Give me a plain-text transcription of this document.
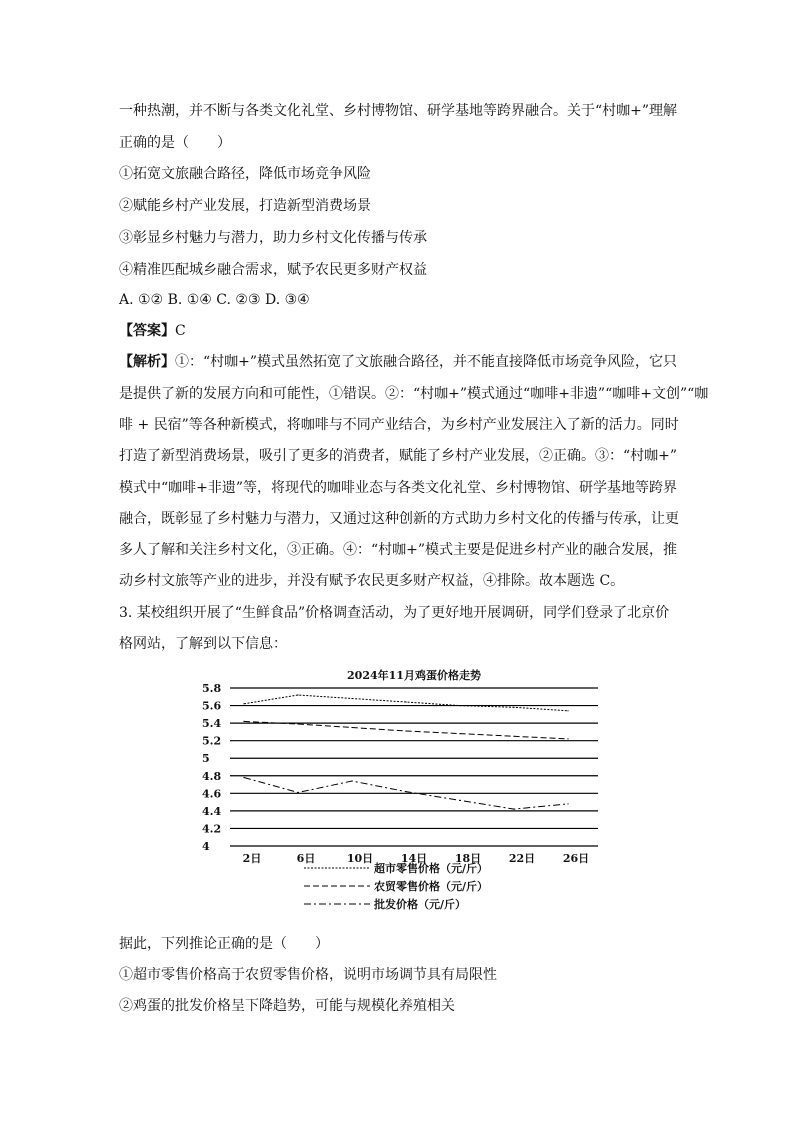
一种热潮，并不断与各类文化礼堂、乡村博物馆、研学基地等跨界融合。关于“村咖+”理解
正确的是（　　）
①拓宽文旅融合路径，降低市场竞争风险
②赋能乡村产业发展，打造新型消费场景
③彰显乡村魅力与潜力，助力乡村文化传播与传承
④精准匹配城乡融合需求，赋予农民更多财产权益
A. ①② B. ①④ C. ②③ D. ③④
【答案】C
【解析】①：“村咖+”模式虽然拓宽了文旅融合路径，并不能直接降低市场竞争风险，它只
是提供了新的发展方向和可能性，①错误。②：“村咖+”模式通过“咖啡+非遗”“咖啡+文创”“咖
啡 + 民宿”等各种新模式，将咖啡与不同产业结合，为乡村产业发展注入了新的活力。同时
打造了新型消费场景，吸引了更多的消费者，赋能了乡村产业发展，②正确。③：“村咖+”
模式中“咖啡+非遗”等，将现代的咖啡业态与各类文化礼堂、乡村博物馆、研学基地等跨界
融合，既彰显了乡村魅力与潜力，又通过这种创新的方式助力乡村文化的传播与传承，让更
多人了解和关注乡村文化，③正确。④：“村咖+”模式主要是促进乡村产业的融合发展，推
动乡村文旅等产业的进步，并没有赋予农民更多财产权益，④排除。故本题选 C。
3. 某校组织开展了“生鲜食品”价格调查活动，为了更好地开展调研，同学们登录了北京价
格网站，了解到以下信息：
2024年11月鸡蛋价格走势
4
4.2
4.4
4.6
4.8
5
5.2
5.4
5.6
5.8
2日	6日	10日	14日	18日	22日	26日
超市零售价格（元/斤）
农贸零售价格（元/斤）
批发价格（元/斤）
据此，下列推论正确的是（　　）
①超市零售价格高于农贸零售价格，说明市场调节具有局限性
②鸡蛋的批发价格呈下降趋势，可能与规模化养殖相关
